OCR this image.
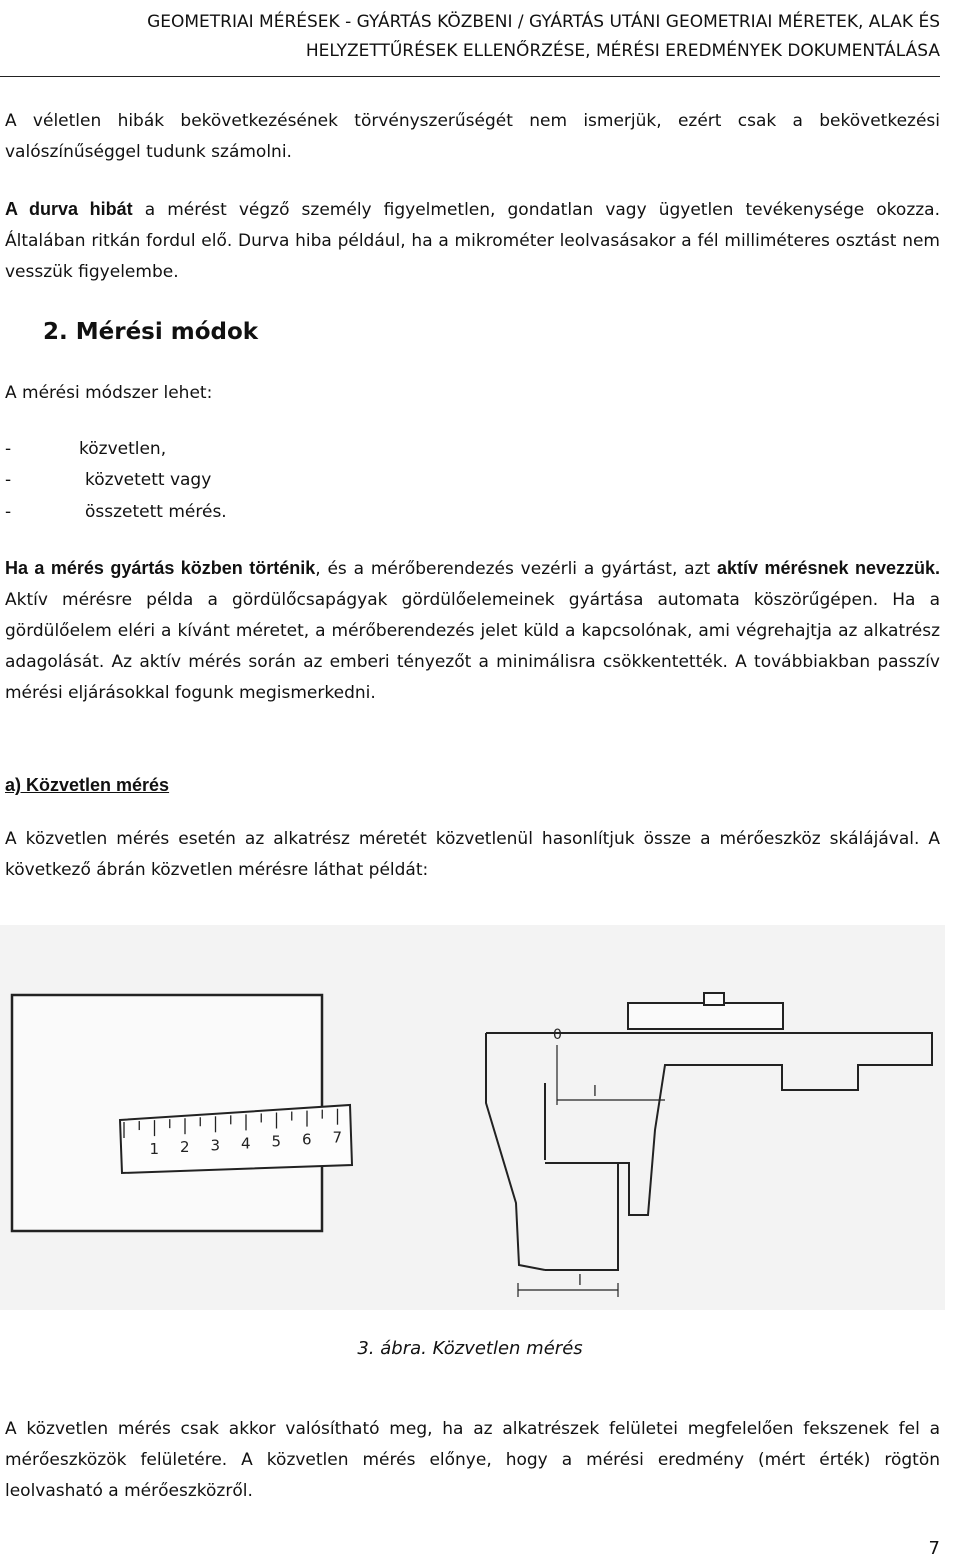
GEOMETRIAI MÉRÉSEK - GYÁRTÁS KÖZBENI / GYÁRTÁS UTÁNI GEOMETRIAI MÉRETEK, ALAK ÉS
HELYZETTŰRÉSEK ELLENŐRZÉSE, MÉRÉSI EREDMÉNYEK DOKUMENTÁLÁSA

A véletlen hibák bekövetkezésének törvényszerűségét nem ismerjük, ezért csak a bekövetkezési valószínűséggel tudunk számolni.

A durva hibát a mérést végző személy figyelmetlen, gondatlan vagy ügyetlen tevékenysége okozza. Általában ritkán fordul elő. Durva hiba például, ha a mikrométer leolvasásakor a fél milliméteres osztást nem vesszük figyelembe.

2. Mérési módok
A mérési módszer lehet:
-	közvetlen,
-	közvetett vagy
-	összetett mérés.

Ha a mérés gyártás közben történik, és a mérőberendezés vezérli a gyártást, azt aktív mérésnek nevezzük. Aktív mérésre példa a gördülőcsapágyak gördülőelemeinek gyártása automata köszörűgépen. Ha a gördülőelem eléri a kívánt méretet, a mérőberendezés jelet küld a kapcsolónak, ami végrehajtja az alkatrész adagolását. Az aktív mérés során az emberi tényezőt a minimálisra csökkentették. A továbbiakban passzív mérési eljárásokkal fogunk megismerkedni.

a) Közvetlen mérés

A közvetlen mérés esetén az alkatrész méretét közvetlenül hasonlítjuk össze a mérőeszköz skálájával. A következő ábrán közvetlen mérésre láthat példát:

1 2 3 4 5 6 7
0
l
l
3. ábra. Közvetlen mérés

A közvetlen mérés csak akkor valósítható meg, ha az alkatrészek felületei megfelelően fekszenek fel a mérőeszközök felületére. A közvetlen mérés előnye, hogy a mérési eredmény (mért érték) rögtön leolvasható a mérőeszközről.

7
